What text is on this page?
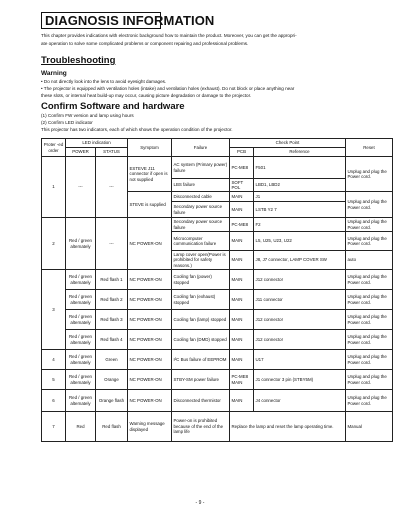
DIAGNOSIS INFORMATION
This chapter provides indications with electronic background how to maintain the product. Moreover, you can get the appropri-
ate operation to solve some complicated problems or component repairing and professional problems.
Troubleshooting
Warning
• Do not directly look into the lens to avoid eyesight damages.
• The projector is equipped with ventilation holes (intake) and ventilation holes (exhaust). Do not block or place anything near
these slots, or internal heat build-up may occur, causing picture degradation or damage to the projector.
Confirm Software and hardware
(1) Confirm FW version and lamp using hours
(2) Confirm LED indicator
This projector has two indicators, each of which shows the operation condition of the projector.
Proter -ed order	LED indication		Symptom	Failure	Check Point		Reset
	POWER	STATUS			PCB	Reference	
1	---	---	ESTEVE J11 connector if open is not supplied	AC system (Primary power) failure	PC-ME8	F501	Unplug and plug the Power cord.
				LBS failure	SOFT POL	LBD1, LBD2	
			STEVE is supplied	Disconnected cable	MAIN	J1	Unplug and plug the Power cord.
				Secondary power source failure	MAIN	LSTB Y2 7	
2	Red / green alternately	---	NC POWER-ON	Secondary power source failure	PC-ME8	F2	Unplug and plug the Power cord.
				Microcomputer communication failure	MAIN	L5, U25, U23, U22	Unplug and plug the Power cord.
				Lamp cover open(Power is prohibited for safety reasons.)	MAIN	J8, J7 connector, LAMP COVER SW	auto
3	Red / green alternately	Red flash 1	NC POWER-ON	Cooling fan (power) stopped	MAIN	J12 connector	Unplug and plug the Power cord.
	Red / green alternately	Red flash 2	NC POWER-ON	Cooling fan (exhaust) stopped	MAIN	J11 connector	Unplug and plug the Power cord.
	Red / green alternately	Red flash 3	NC POWER-ON	Cooling fan (lamp) stopped	MAIN	J12 connector	Unplug and plug the Power cord.
	Red / green alternately	Red flash 4	NC POWER-ON	Cooling fan (DMD) stopped	MAIN	J12 connector	Unplug and plug the Power cord.
4	Red / green alternately	Green	NC POWER-ON	I²C Bus failure of EEPROM	MAIN	U17	Unplug and plug the Power cord.
5	Red / green alternately	Orange	NC POWER-ON	STBY-SM power failure	PC-ME8 MAIN	J1 connector 3 pin (STBY5M)	Unplug and plug the Power cord.
6	Red / green alternately	Orange flash	NC POWER-ON	Disconnected thermistor	MAIN	J4 connector	Unplug and plug the Power cord.
7	Red	Red flash	Warning message displayed	Power-on is prohibited because of the end of the lamp life	Replace the lamp and reset the lamp operating time.		Manual
- 9 -
